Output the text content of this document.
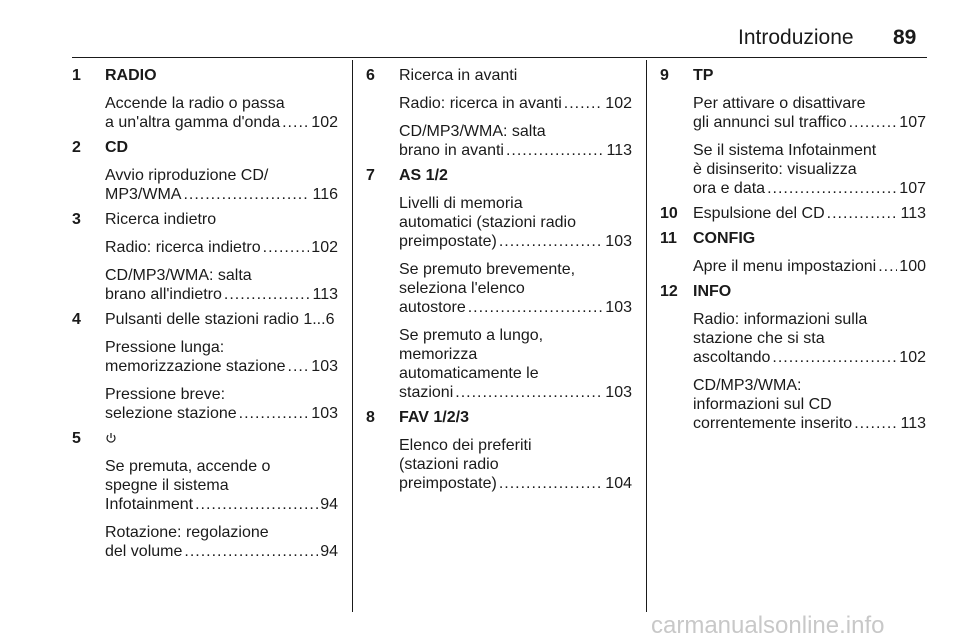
Introduzione 89
1 RADIO
Accende la radio o passa
a un'altra gamma d'onda ..... 102
2 CD
Avvio riproduzione CD/
MP3/WMA .....	116
3 Ricerca indietro
Radio: ricerca indietro .....	102
CD/MP3/WMA: salta
brano all'indietro .....	113
4 Pulsanti delle stazioni radio 1...6
Pressione lunga:
memorizzazione stazione ..... 103
Pressione breve:
selezione stazione .....	103
5
Se premuta, accende o
spegne il sistema
Infotainment .....	94
Rotazione: regolazione
del volume .....	94
6 Ricerca in avanti
Radio: ricerca in avanti .....	102
CD/MP3/WMA: salta
brano in avanti .....	113
7 AS 1/2
Livelli di memoria
automatici (stazioni radio
preimpostate) .....	103
Se premuto brevemente,
seleziona l'elenco
autostore .....	103
Se premuto a lungo,
memorizza
automaticamente le
stazioni .....	103
8 FAV 1/2/3
Elenco dei preferiti
(stazioni radio
preimpostate) .....	104
9 TP
Per attivare o disattivare
gli annunci sul traffico .....	107
Se il sistema Infotainment
è disinserito: visualizza
ora e data .....	107
10 Espulsione del CD .....	113
11 CONFIG
Apre il menu impostazioni ..... 100
12 INFO
Radio: informazioni sulla
stazione che si sta
ascoltando .....	102
CD/MP3/WMA:
informazioni sul CD
correntemente inserito .....	113
carmanualsonline.info
